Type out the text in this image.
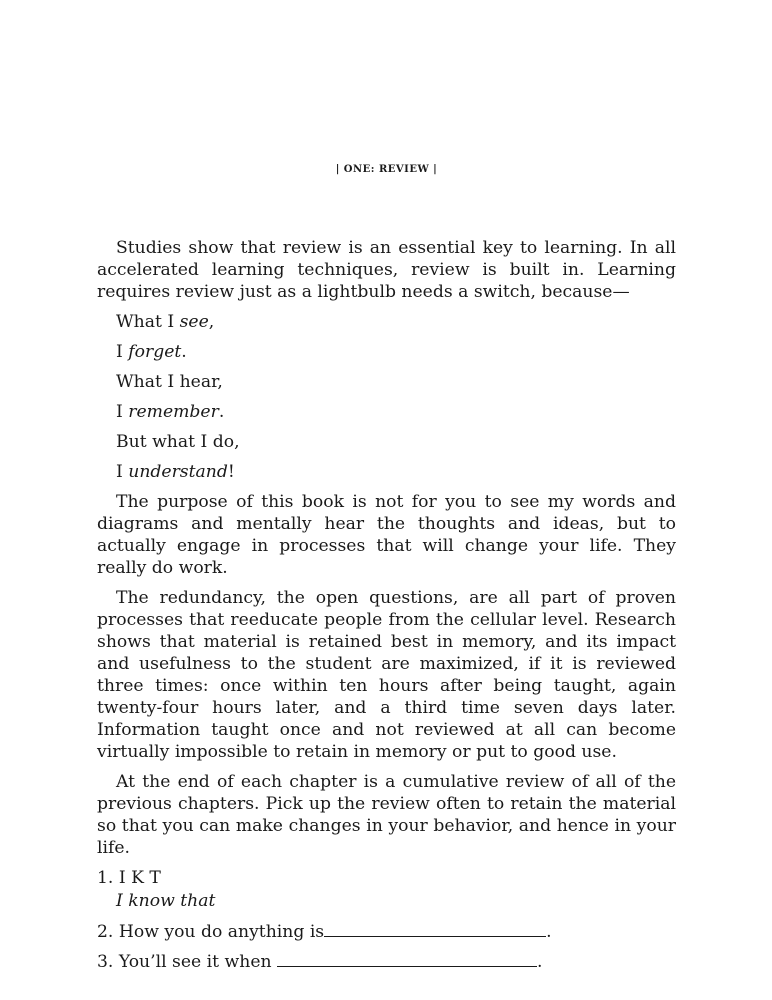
| ONE: REVIEW |

Studies show that review is an essential key to learning. In all accelerated learning techniques, review is built in. Learning requires review just as a lightbulb needs a switch, because—

What I see,
I forget.
What I hear,
I remember.
But what I do,
I understand!

The purpose of this book is not for you to see my words and diagrams and mentally hear the thoughts and ideas, but to actually engage in processes that will change your life. They really do work.

The redundancy, the open questions, are all part of proven processes that reeducate people from the cellular level. Research shows that material is retained best in memory, and its impact and usefulness to the student are maximized, if it is reviewed three times: once within ten hours after being taught, again twenty-four hours later, and a third time seven days later. Information taught once and not reviewed at all can become virtually impossible to retain in memory or put to good use.

At the end of each chapter is a cumulative review of all of the previous chapters. Pick up the review often to retain the material so that you can make changes in your behavior, and hence in your life.

1. I K T
I know that
2. How you do anything is	.
3. You’ll see it when	.
